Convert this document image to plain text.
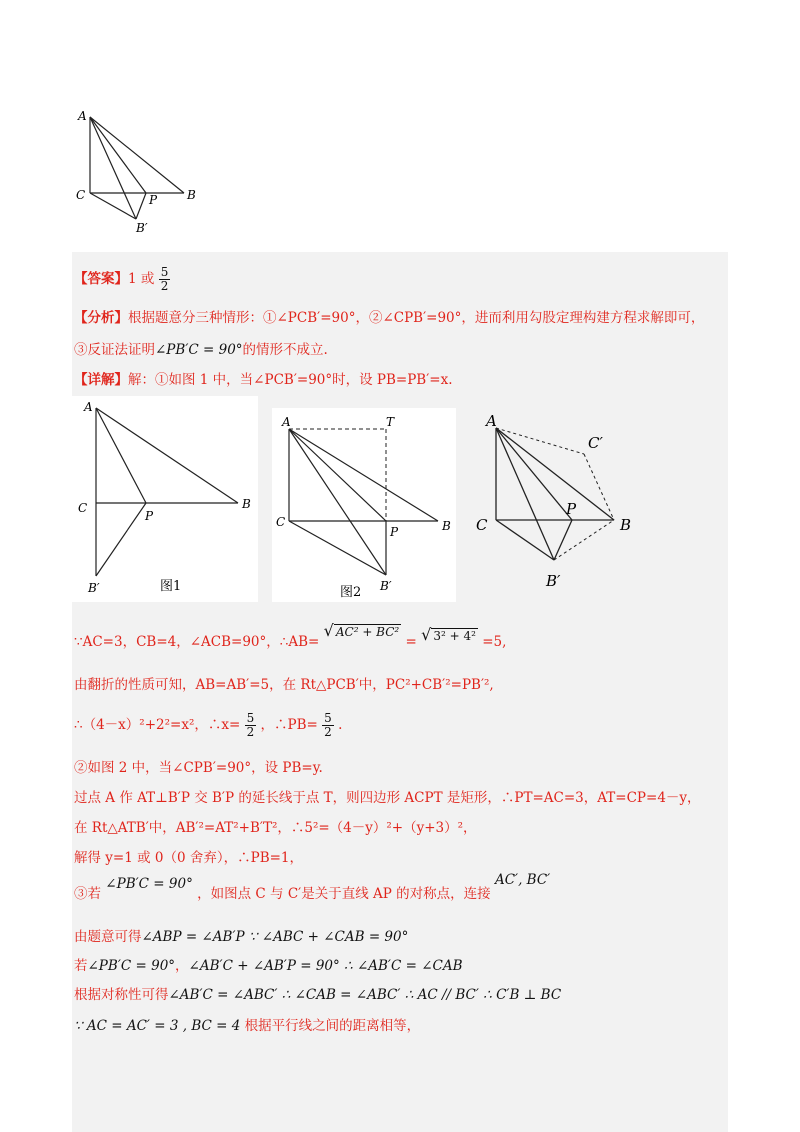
A
C	B
P
B′
【答案】1 或 $\frac{5}{2}$
【分析】根据题意分三种情形：①∠PCB′=90°，②∠CPB′=90°，进而利用勾股定理构建方程求解即可，
③反证法证明∠PB′C = 90°的情形不成立.
【详解】解：①如图 1 中，当∠PCB′=90°时，设 PB=PB′=x.
A
C	B
P
B′	图1
A	T
C	B
P
B′
图2
A
C′
C
P
B
B′
∵AC=3，CB=4，∠ACB=90°，∴AB= √ AC² + BC² = √ 3² + 4² =5,
由翻折的性质可知，AB=AB′=5，在 Rt△PCB′中，PC²+CB′²=PB′²,
∴（4－x）²+2²=x²，∴x= $\frac{5}{2}$ ，∴PB= $\frac{5}{2}$ .
②如图 2 中，当∠CPB′=90°，设 PB=y.
过点 A 作 AT⊥B′P 交 B′P 的延长线于点 T，则四边形 ACPT 是矩形，∴PT=AC=3，AT=CP=4－y，
在 Rt△ATB′中，AB′²=AT²+B′T²，∴5²=（4－y）²+（y+3）²，
解得 y=1 或 0（0 舍弃），∴PB=1，
③若 ∠PB′C = 90° ，如图点 C 与 C′是关于直线 AP 的对称点，连接 AC′, BC′
由题意可得∠ABP = ∠AB′P ∵ ∠ABC + ∠CAB = 90°
若∠PB′C = 90°，∠AB′C + ∠AB′P = 90° ∴ ∠AB′C = ∠CAB
根据对称性可得∠AB′C = ∠ABC′ ∴ ∠CAB = ∠ABC′ ∴ AC // BC′ ∴ C′B ⊥ BC
∵ AC = AC′ = 3 , BC = 4 根据平行线之间的距离相等，
